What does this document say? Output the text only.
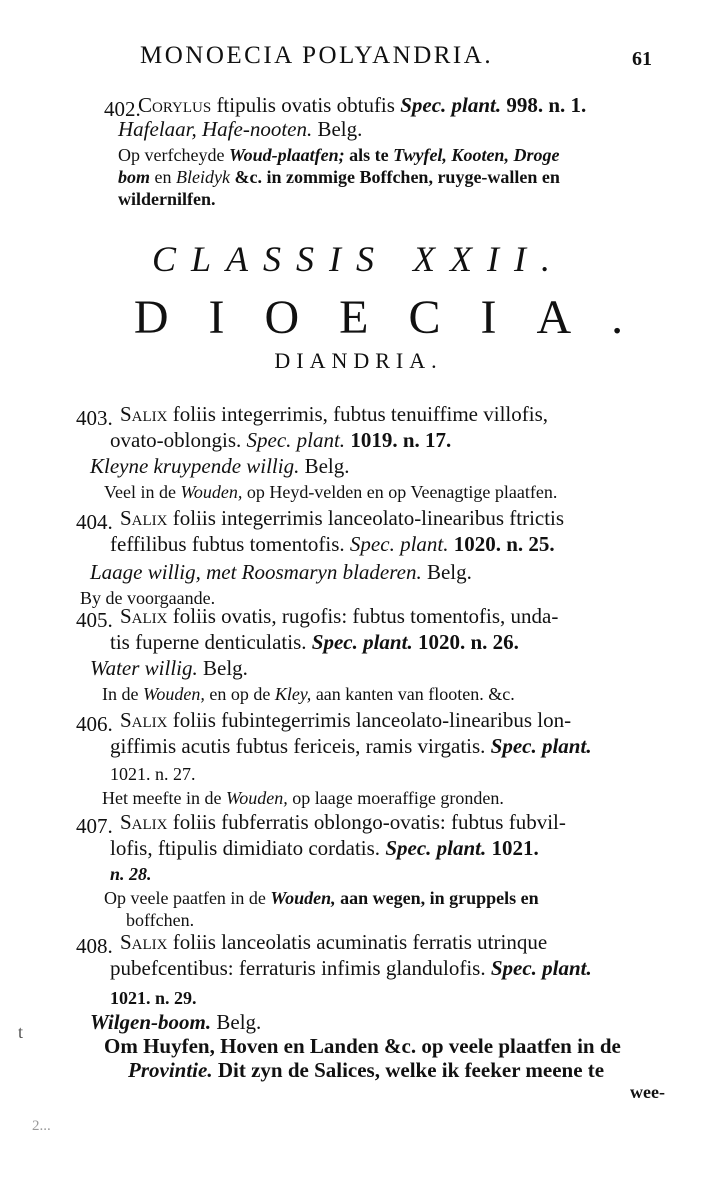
MONOECIA POLYANDRIA.	61
402.
Corylus ftipulis ovatis obtufis Spec. plant. 998. n. 1.
Hafelaar, Hafe-nooten. Belg.
Op verfcheyde Woud-plaatfen; als te Twyfel, Kooten, Droge
bom en Bleidyk &c. in zommige Boffchen, ruyge-wallen en
wildernilfen.
CLASSIS XXII.
DIOECIA.
DIANDRIA.
403. Salix foliis integerrimis, fubtus tenuiffime villofis,
ovato-oblongis. Spec. plant. 1019. n. 17.
Kleyne kruypende willig. Belg.
Veel in de Wouden, op Heyd-velden en op Veenagtige plaatfen.
404. Salix foliis integerrimis lanceolato-linearibus ftrictis
feffilibus fubtus tomentofis. Spec. plant. 1020. n. 25.
Laage willig, met Roosmaryn bladeren. Belg.
By de voorgaande.
405. Salix foliis ovatis, rugofis: fubtus tomentofis, unda-
tis fuperne denticulatis. Spec. plant. 1020. n. 26.
Water willig. Belg.
In de Wouden, en op de Kley, aan kanten van flooten. &c.
406. Salix foliis fubintegerrimis lanceolato-linearibus lon-
giffimis acutis fubtus fericeis, ramis virgatis. Spec. plant.
1021. n. 27.
Het meefte in de Wouden, op laage moeraffige gronden.
407. Salix foliis fubferratis oblongo-ovatis: fubtus fubvil-
lofis, ftipulis dimidiato cordatis. Spec. plant. 1021.
n. 28.
Op veele paatfen in de Wouden, aan wegen, in gruppels en
boffchen.
408. Salix foliis lanceolatis acuminatis ferratis utrinque
pubefcentibus: ferraturis infimis glandulofis. Spec. plant.
1021. n. 29.
Wilgen-boom. Belg.
Om Huyfen, Hoven en Landen &c. op veele plaatfen in de
Provintie. Dit zyn de Salices, welke ik feeker meene te
wee-
t
2...
